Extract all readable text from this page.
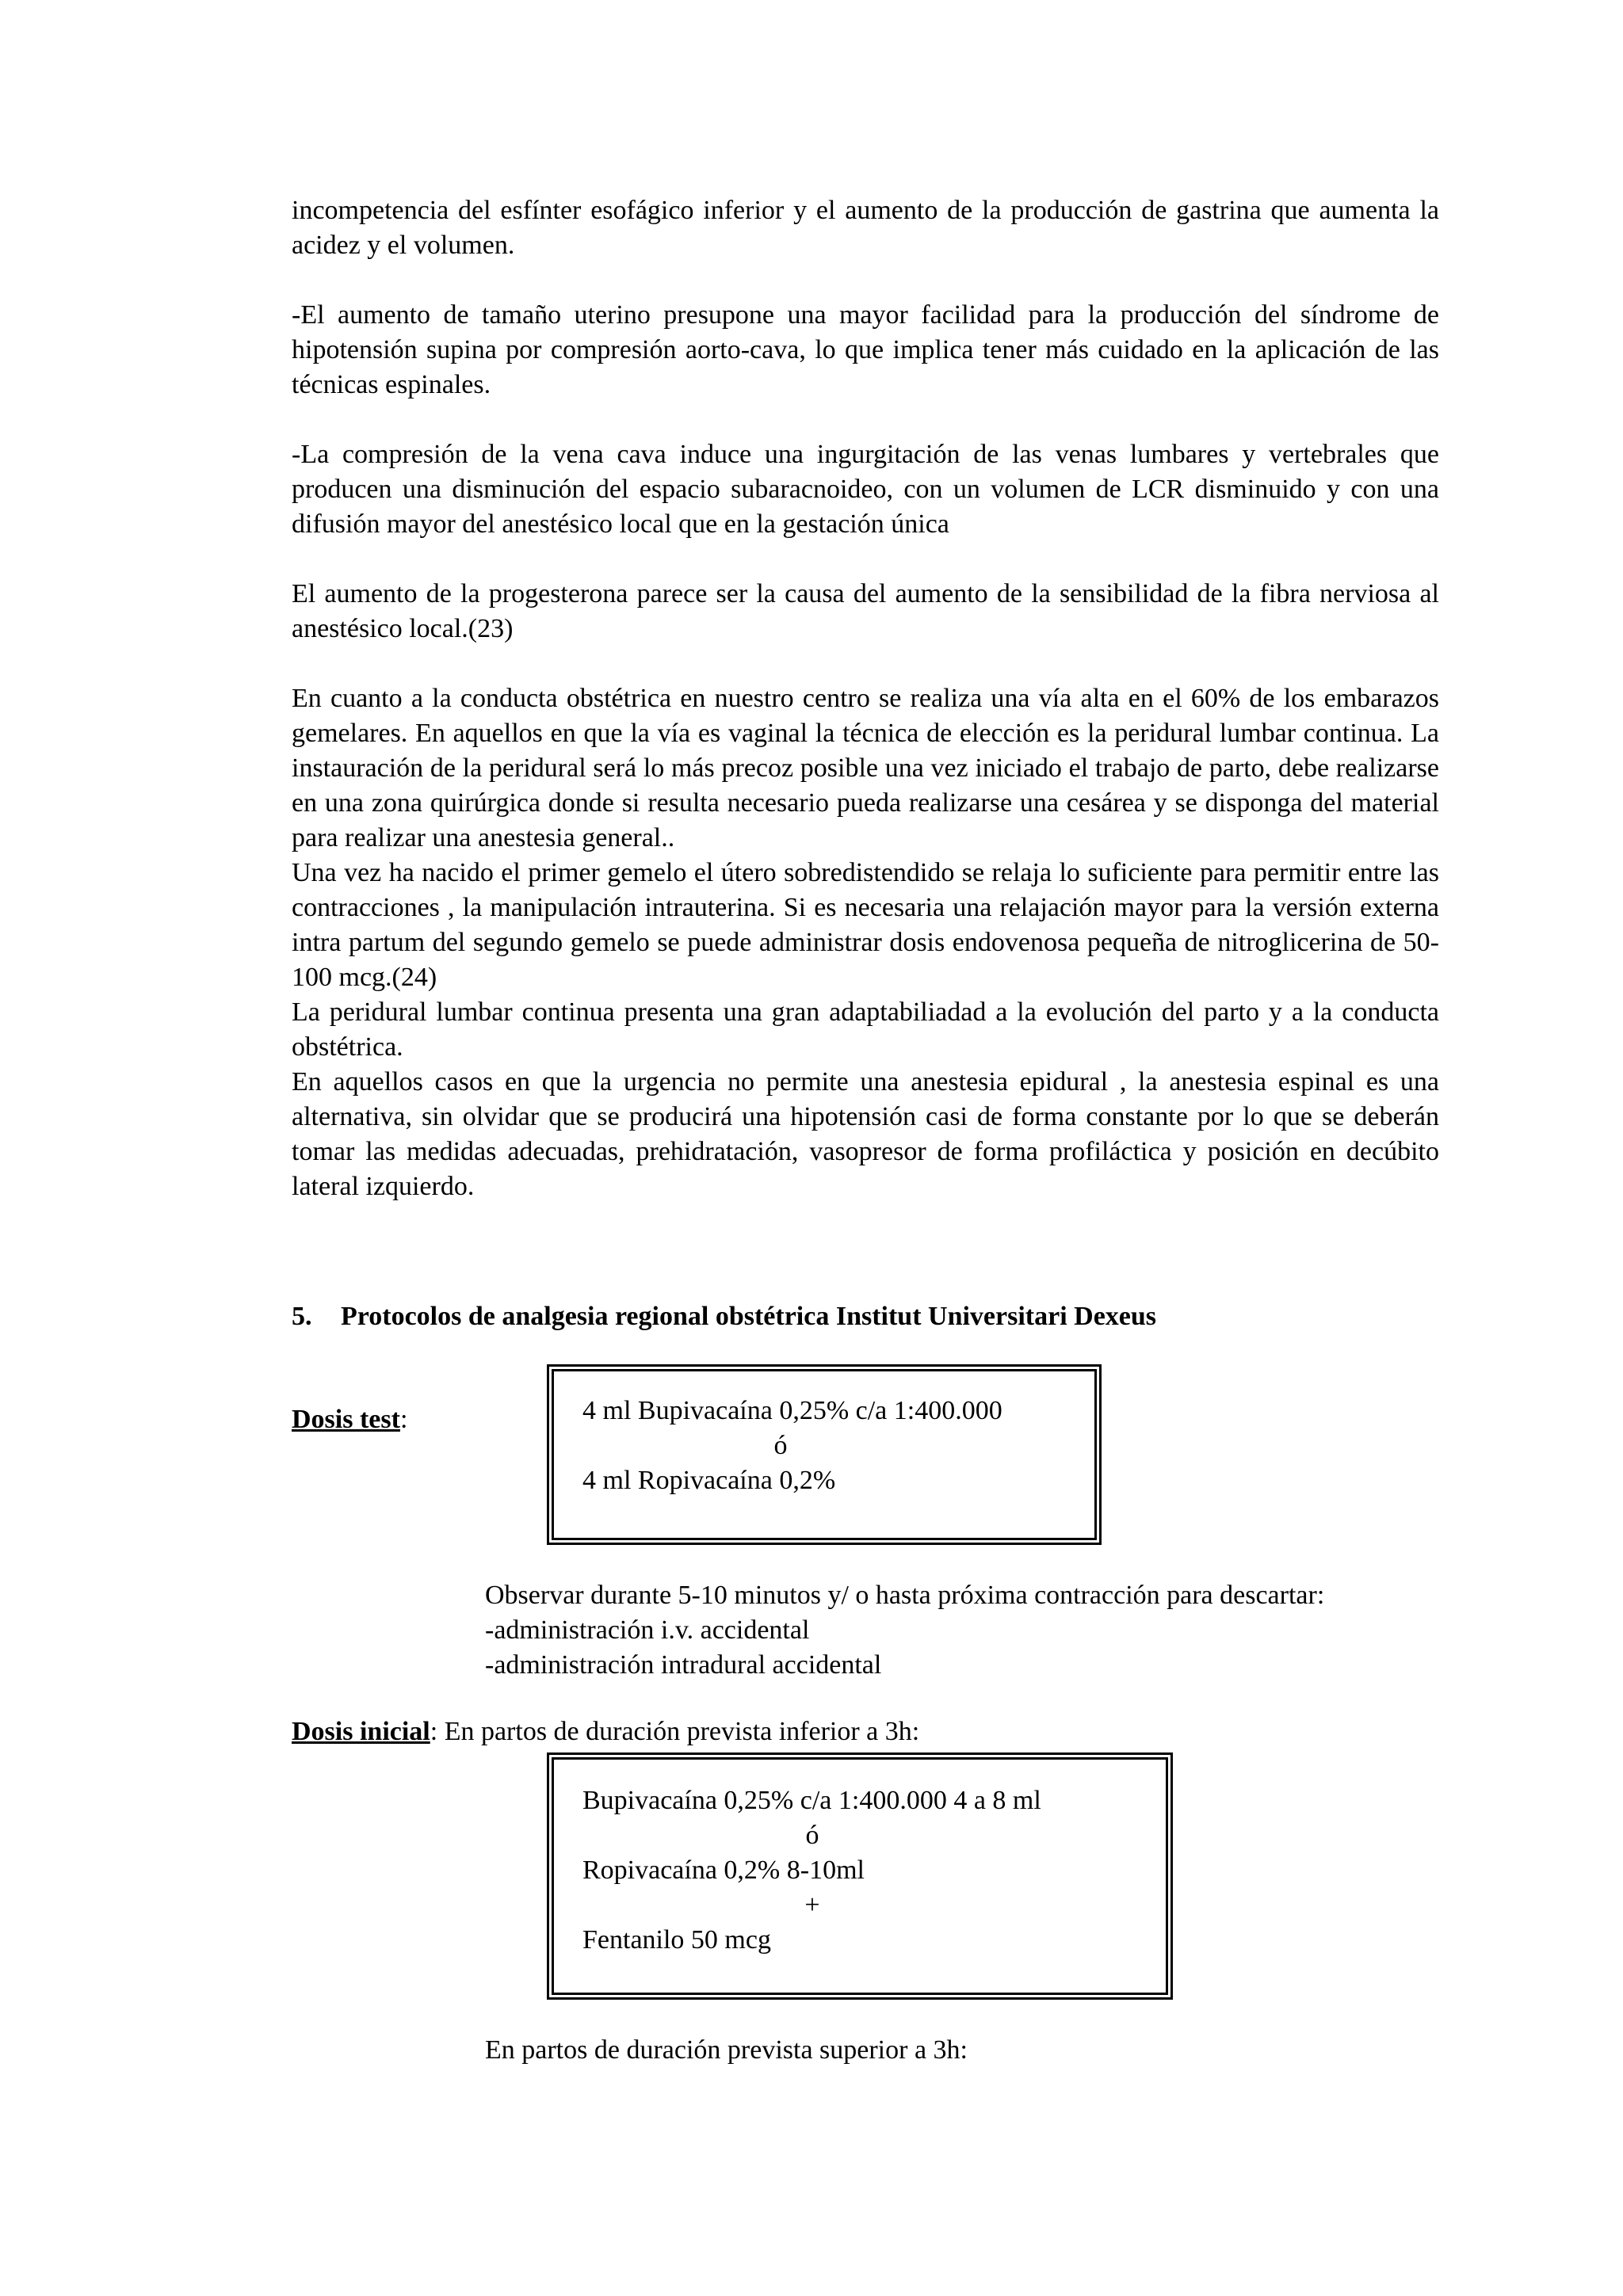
incompetencia del esfínter esofágico inferior y el aumento de la producción de gastrina que aumenta la acidez y el volumen.

-El aumento de tamaño uterino presupone una mayor facilidad para la producción del síndrome de hipotensión supina por compresión aorto-cava, lo que implica tener más cuidado en la aplicación de las técnicas espinales.

-La compresión de la vena cava induce una ingurgitación de las venas lumbares y vertebrales que producen una disminución del espacio subaracnoideo, con un volumen de LCR disminuido y con una difusión mayor del anestésico local que en la gestación única

El aumento de la progesterona parece ser la causa del aumento de la sensibilidad de la fibra nerviosa al anestésico local.(23)

En cuanto a la conducta obstétrica en nuestro centro se realiza una vía alta en el 60% de los embarazos gemelares. En aquellos en que la vía es vaginal la técnica de elección es la peridural lumbar continua. La instauración de la peridural será lo más precoz posible una vez iniciado el trabajo de parto, debe realizarse en una zona quirúrgica donde si resulta necesario pueda realizarse una cesárea y se disponga del material para realizar una anestesia general..

Una vez ha nacido el primer gemelo el útero sobredistendido se relaja lo suficiente para permitir entre las contracciones , la manipulación intrauterina. Si es necesaria una relajación mayor para la versión externa intra partum del segundo gemelo se puede administrar dosis endovenosa pequeña de nitroglicerina de 50-100 mcg.(24)

La peridural lumbar continua presenta una gran adaptabiliadad a la evolución del parto y a la conducta obstétrica.

En aquellos casos en que la urgencia no permite una anestesia epidural , la anestesia espinal es una alternativa, sin olvidar que se producirá una hipotensión casi de forma constante por lo que se deberán tomar las medidas adecuadas, prehidratación, vasopresor de forma profiláctica y posición en decúbito lateral izquierdo.

5. Protocolos de analgesia regional obstétrica Institut Universitari Dexeus
Dosis test:	4 ml Bupivacaína 0,25% c/a 1:400.000
ó
4 ml Ropivacaína 0,2%
Observar durante 5-10 minutos y/ o hasta próxima contracción para descartar:
-administración i.v. accidental
-administración intradural accidental
Dosis inicial: En partos de duración prevista inferior a 3h:
Bupivacaína 0,25% c/a 1:400.000 4 a 8 ml
ó
Ropivacaína 0,2% 8-10ml
+
Fentanilo 50 mcg
En partos de duración prevista superior a 3h:
